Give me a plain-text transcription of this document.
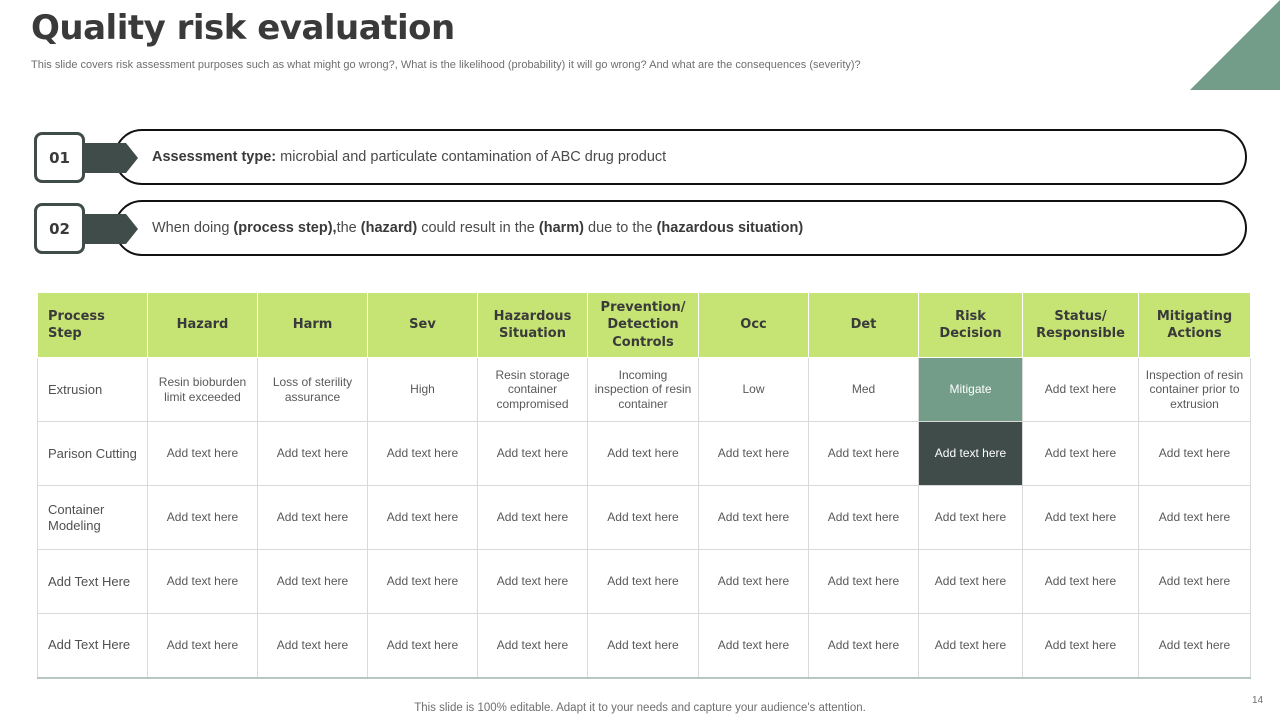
Quality risk evaluation
This slide covers risk assessment purposes such as what might go wrong?, What is the likelihood (probability) it will go wrong? And what are the consequences (severity)?
01	Assessment type: microbial and particulate contamination of ABC drug product
02	When doing (process step),the (hazard) could result in the (harm) due to the (hazardous situation)
Process Step	Hazard	Harm	Sev	Hazardous Situation	Prevention/ Detection Controls	Occ	Det	Risk Decision	Status/ Responsible	Mitigating Actions
Extrusion	Resin bioburden limit exceeded	Loss of sterility assurance	High	Resin storage container compromised	Incoming inspection of resin container	Low	Med	Mitigate	Add text here	Inspection of resin container prior to extrusion
Parison Cutting	Add text here	Add text here	Add text here	Add text here	Add text here	Add text here	Add text here	Add text here	Add text here	Add text here
Container Modeling	Add text here	Add text here	Add text here	Add text here	Add text here	Add text here	Add text here	Add text here	Add text here	Add text here
Add Text Here	Add text here	Add text here	Add text here	Add text here	Add text here	Add text here	Add text here	Add text here	Add text here	Add text here
Add Text Here	Add text here	Add text here	Add text here	Add text here	Add text here	Add text here	Add text here	Add text here	Add text here	Add text here
This slide is 100% editable. Adapt it to your needs and capture your audience's attention.
14
